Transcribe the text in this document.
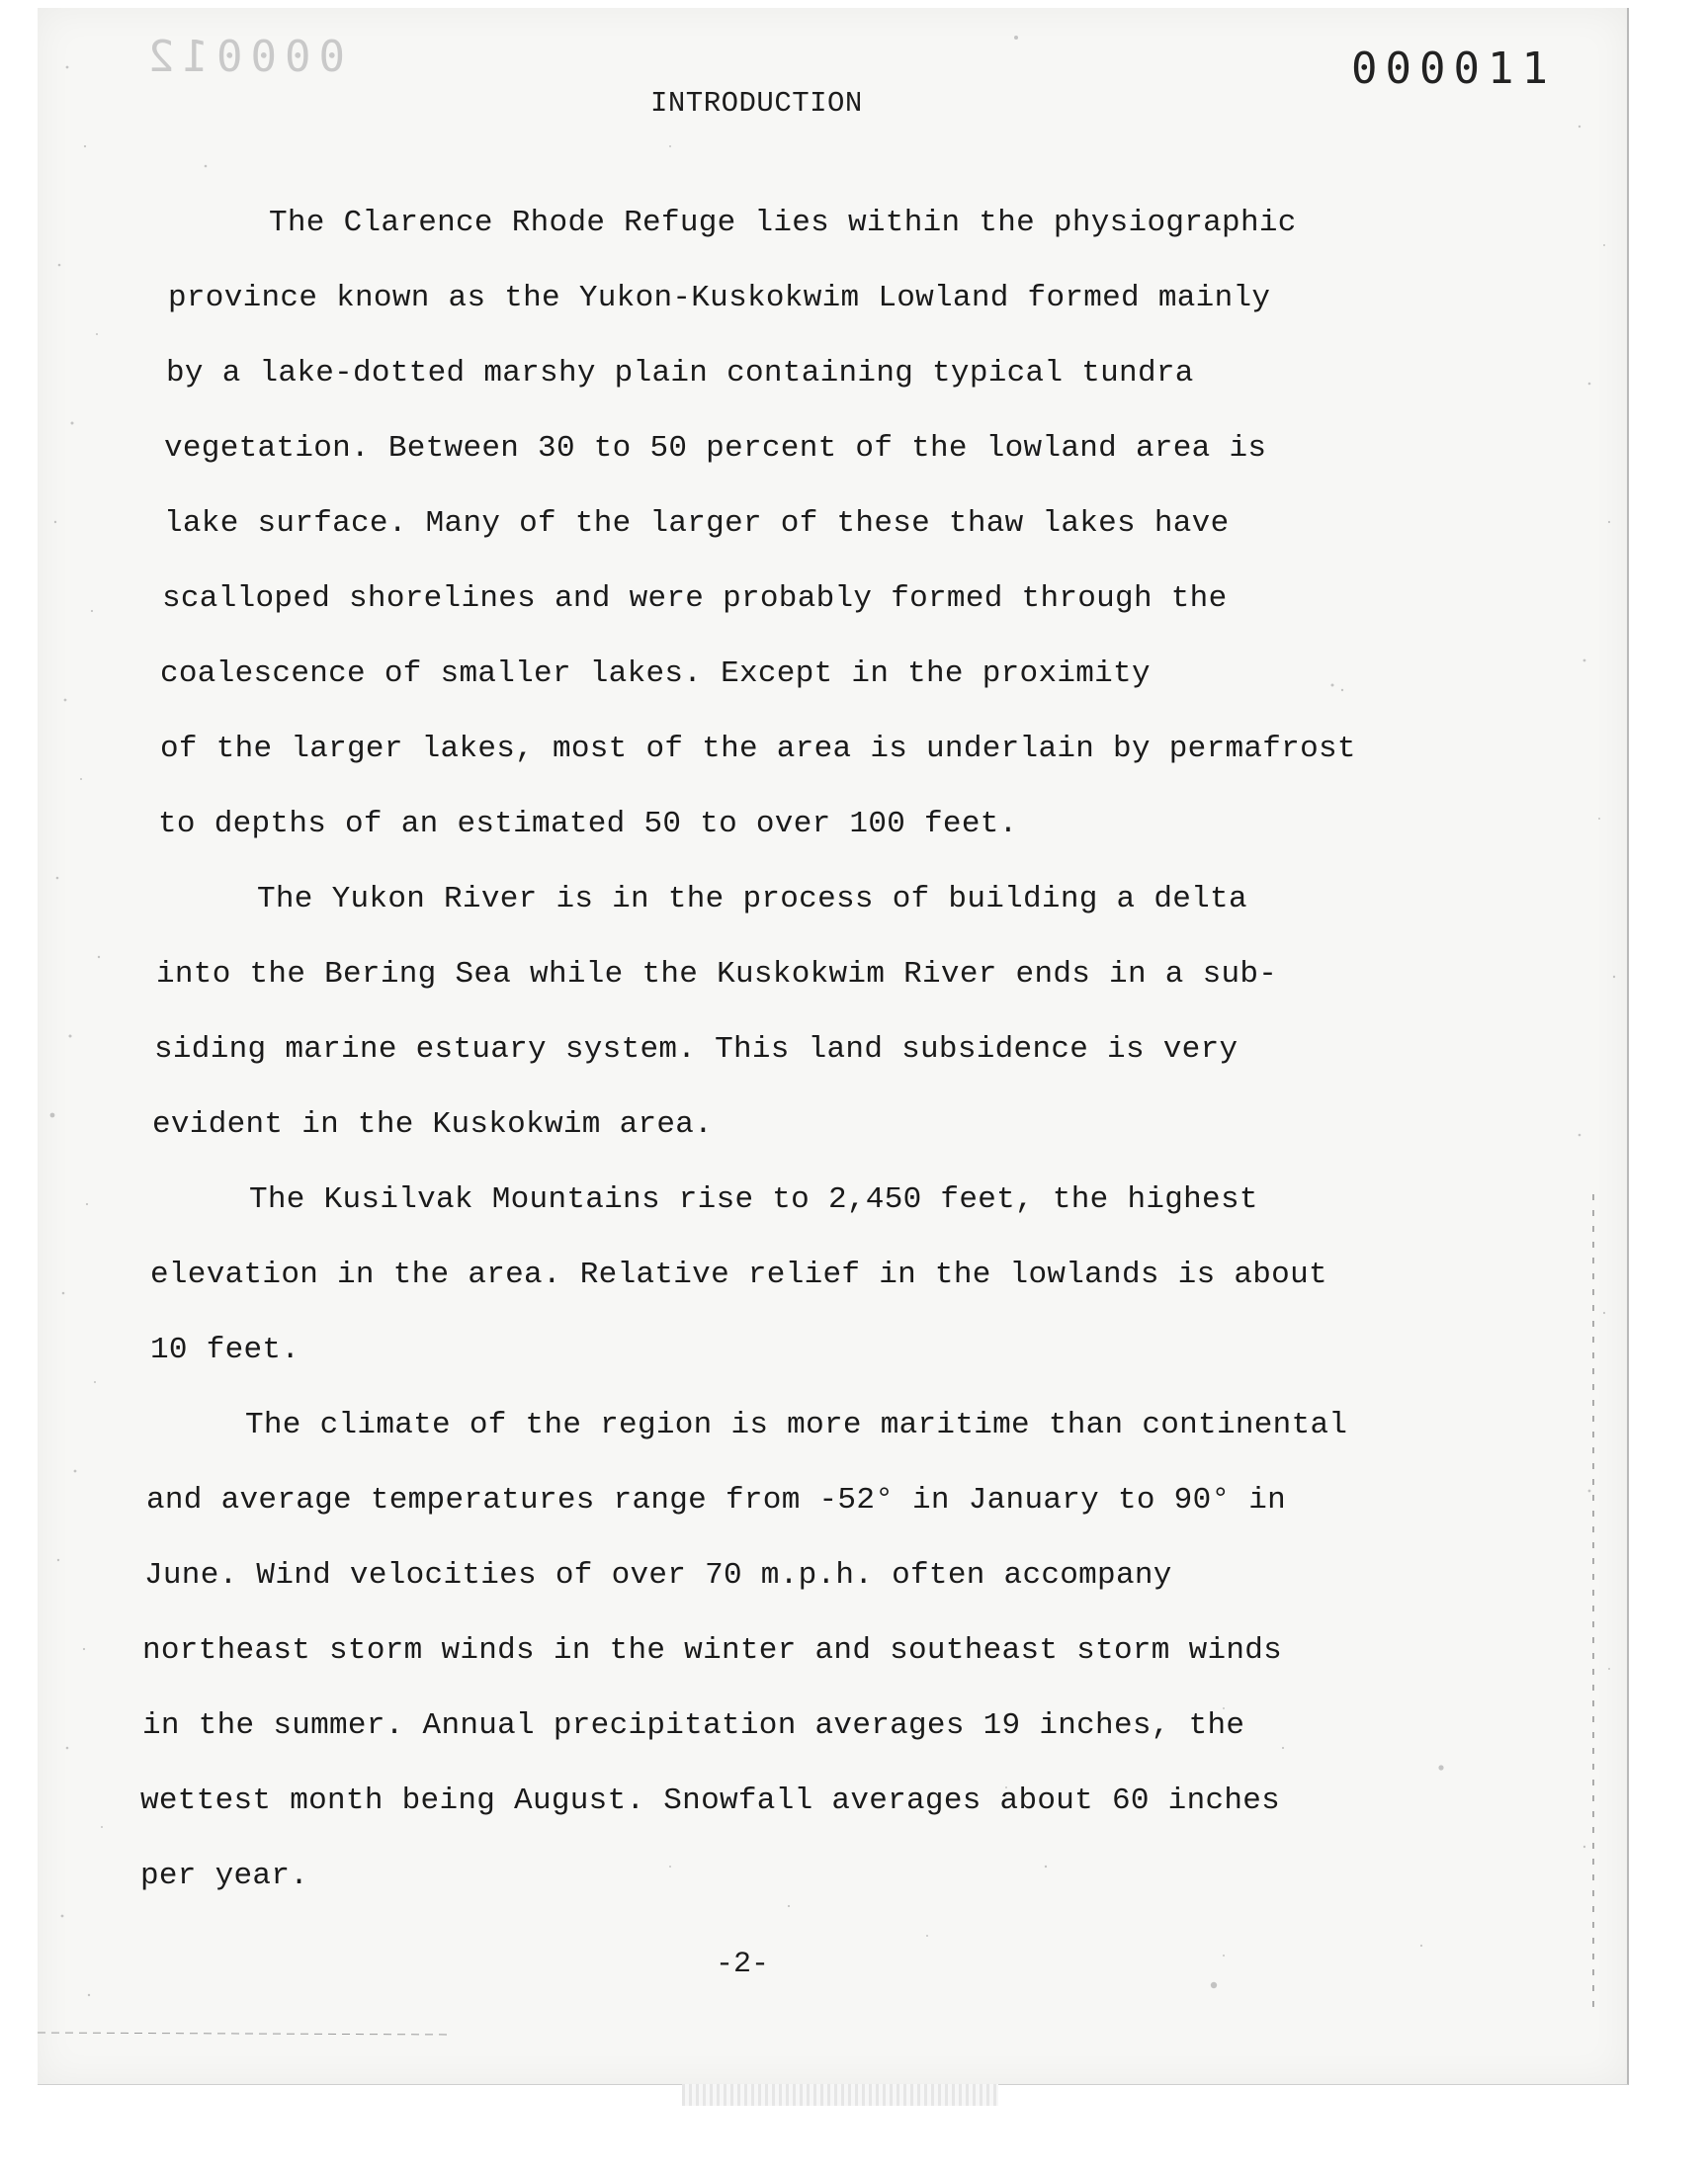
000012	000011
INTRODUCTION
The Clarence Rhode Refuge lies within the physiographic
province known as the Yukon-Kuskokwim Lowland formed mainly
by a lake-dotted marshy plain containing typical tundra
vegetation. Between 30 to 50 percent of the lowland area is
lake surface. Many of the larger of these thaw lakes have
scalloped shorelines and were probably formed through the
coalescence of smaller lakes. Except in the proximity
of the larger lakes, most of the area is underlain by permafrost
to depths of an estimated 50 to over 100 feet.
The Yukon River is in the process of building a delta
into the Bering Sea while the Kuskokwim River ends in a sub-
siding marine estuary system. This land subsidence is very
evident in the Kuskokwim area.
The Kusilvak Mountains rise to 2,450 feet, the highest
elevation in the area. Relative relief in the lowlands is about
10 feet.
The climate of the region is more maritime than continental
and average temperatures range from -52° in January to 90° in
June. Wind velocities of over 70 m.p.h. often accompany
northeast storm winds in the winter and southeast storm winds
in the summer. Annual precipitation averages 19 inches, the
wettest month being August. Snowfall averages about 60 inches
per year.
-2-
